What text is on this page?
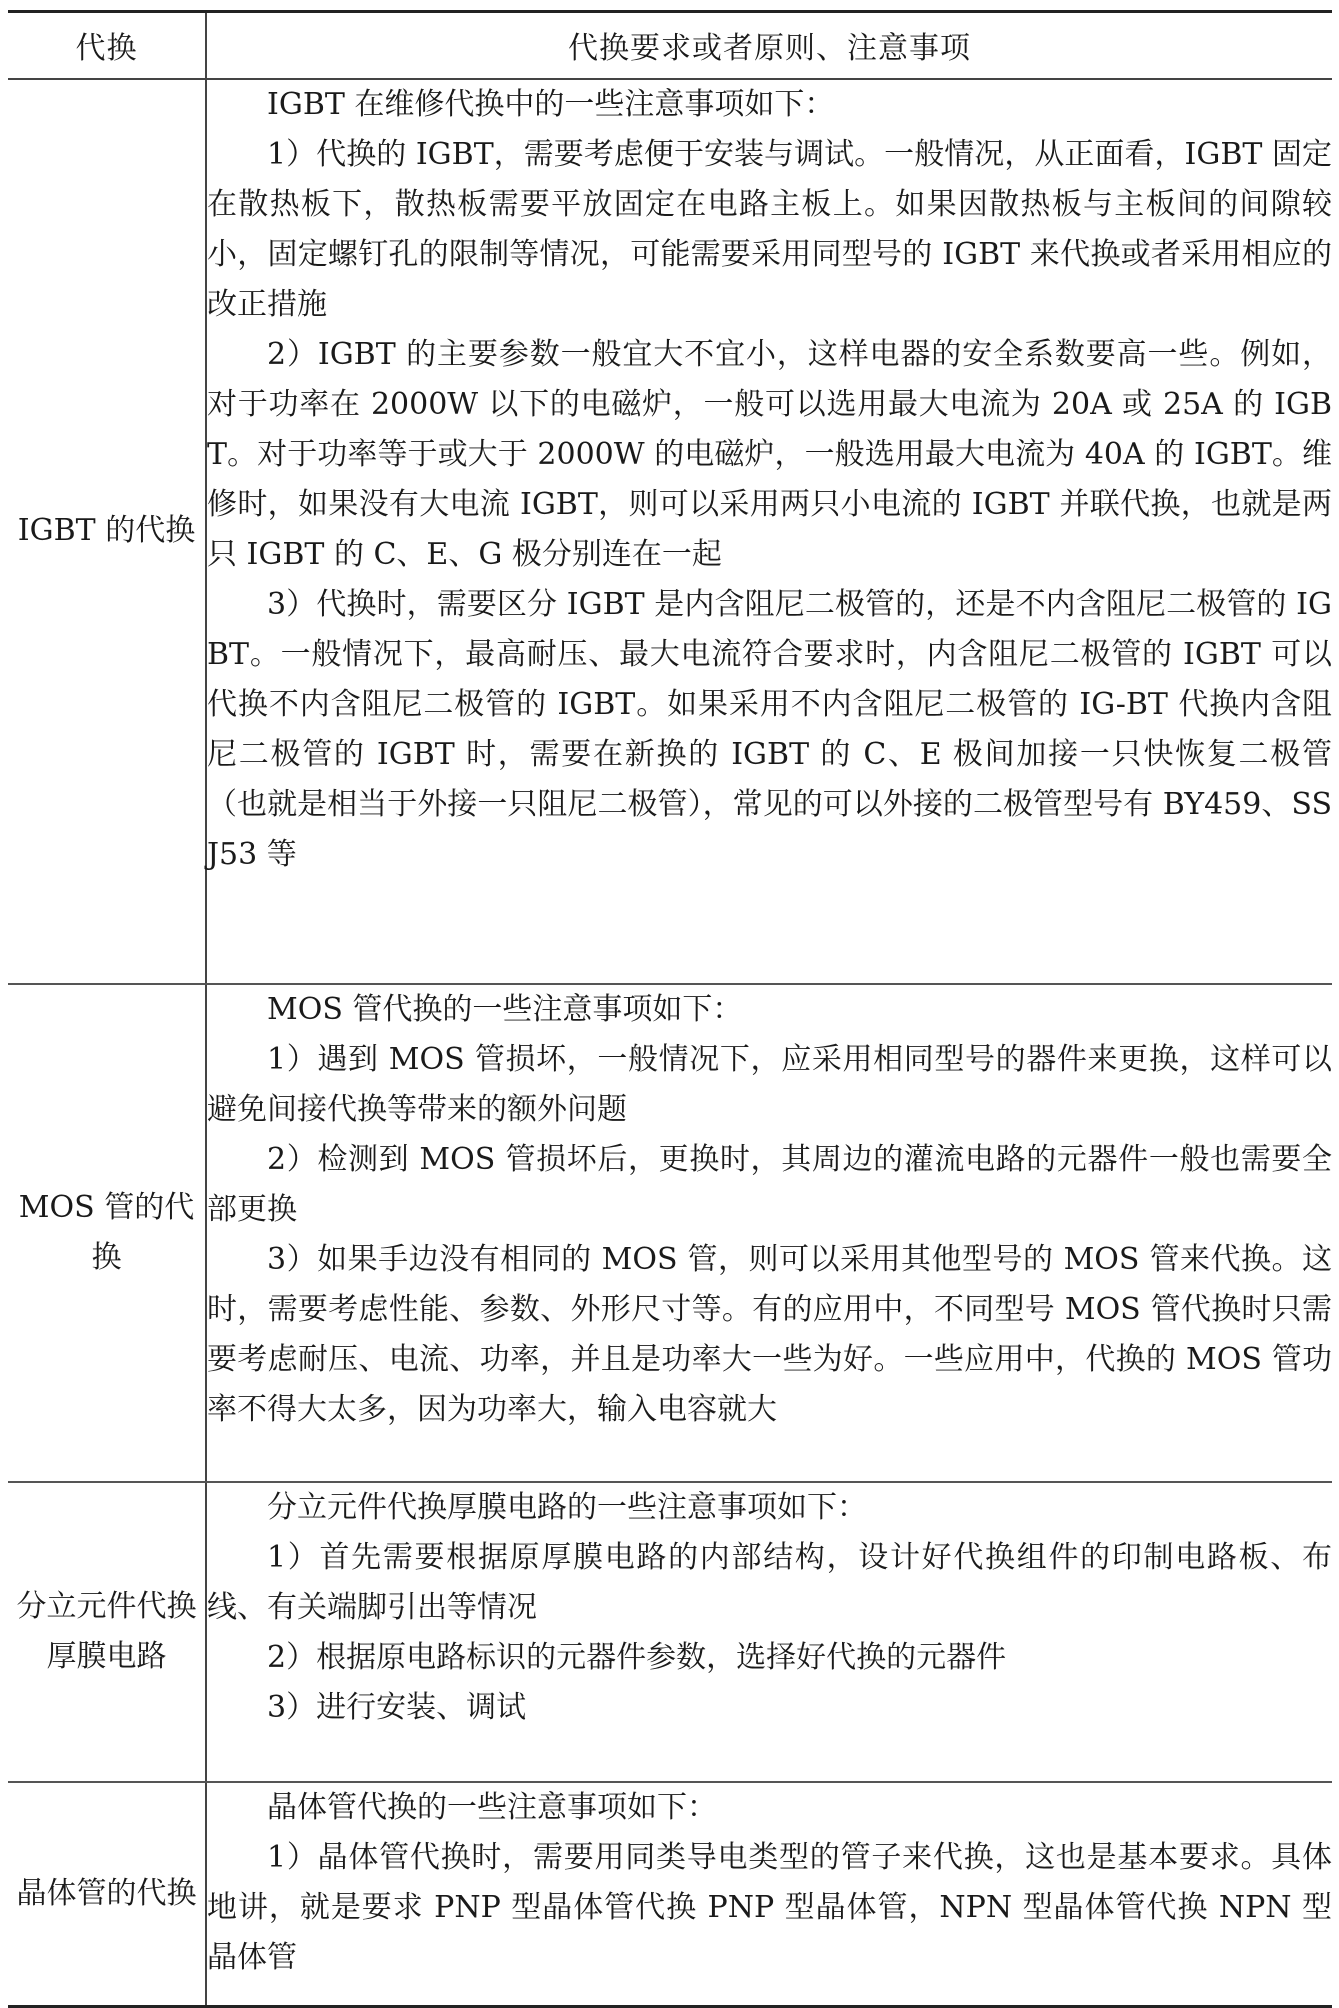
代换	代换要求或者原则、注意事项
IGBT 的代换	IGBT 在维修代换中的一些注意事项如下：

1）代换的 IGBT，需要考虑便于安装与调试。一般情况，从正面看，IGBT 固定在散热板下，散热板需要平放固定在电路主板上。如果因散热板与主板间的间隙较小，固定螺钉孔的限制等情况，可能需要采用同型号的 IGBT 来代换或者采用相应的改正措施

2）IGBT 的主要参数一般宜大不宜小，这样电器的安全系数要高一些。例如，对于功率在 2000W 以下的电磁炉，一般可以选用最大电流为 20A 或 25A 的 IGBT。对于功率等于或大于 2000W 的电磁炉，一般选用最大电流为 40A 的 IGBT。维修时，如果没有大电流 IGBT，则可以采用两只小电流的 IGBT 并联代换，也就是两只 IGBT 的 C、E、G 极分别连在一起

3）代换时，需要区分 IGBT 是内含阻尼二极管的，还是不内含阻尼二极管的 IGBT。一般情况下，最高耐压、最大电流符合要求时，内含阻尼二极管的 IGBT 可以代换不内含阻尼二极管的 IGBT。如果采用不内含阻尼二极管的 IG-BT 代换内含阻尼二极管的 IGBT 时，需要在新换的 IGBT 的 C、E 极间加接一只快恢复二极管（也就是相当于外接一只阻尼二极管），常见的可以外接的二极管型号有 BY459、SSJ53 等

MOS 管的代换	MOS 管代换的一些注意事项如下：

1）遇到 MOS 管损坏，一般情况下，应采用相同型号的器件来更换，这样可以避免间接代换等带来的额外问题

2）检测到 MOS 管损坏后，更换时，其周边的灌流电路的元器件一般也需要全部更换

3）如果手边没有相同的 MOS 管，则可以采用其他型号的 MOS 管来代换。这时，需要考虑性能、参数、外形尺寸等。有的应用中，不同型号 MOS 管代换时只需要考虑耐压、电流、功率，并且是功率大一些为好。一些应用中，代换的 MOS 管功率不得大太多，因为功率大，输入电容就大

分立元件代换厚膜电路	分立元件代换厚膜电路的一些注意事项如下：

1）首先需要根据原厚膜电路的内部结构，设计好代换组件的印制电路板、布线、有关端脚引出等情况

2）根据原电路标识的元器件参数，选择好代换的元器件

3）进行安装、调试

晶体管的代换	晶体管代换的一些注意事项如下：

1）晶体管代换时，需要用同类导电类型的管子来代换，这也是基本要求。具体地讲，就是要求 PNP 型晶体管代换 PNP 型晶体管，NPN 型晶体管代换 NPN 型晶体管
